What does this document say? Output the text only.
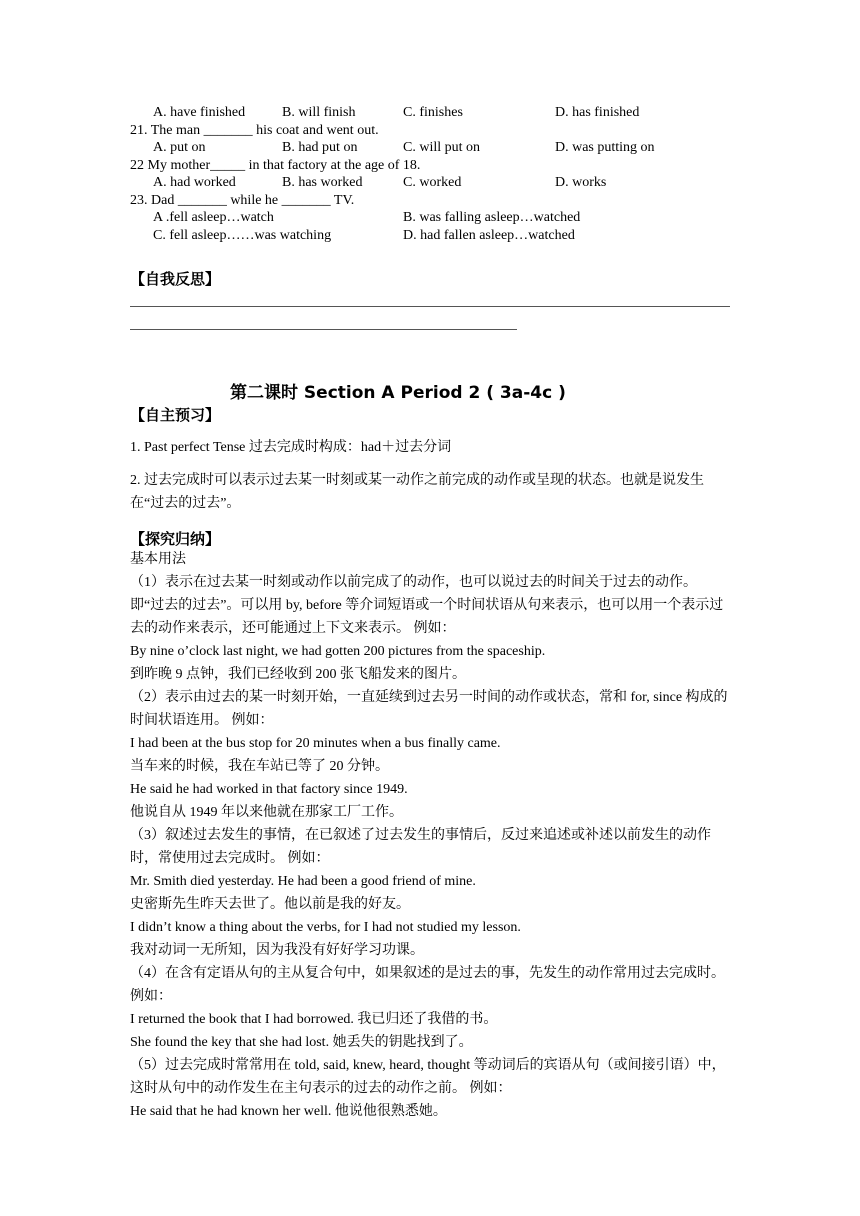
A. have finished	B. will finish	C. finishes	D. has finished
21. The man _______ his coat and went out.
A. put on	B. had put on	C. will put on	D. was putting on
22 My mother_____ in that factory at the age of 18.
A. had worked	B. has worked	C. worked	D. works
23. Dad _______ while he _______ TV.
A .fell asleep…watch	B. was falling asleep…watched
C. fell asleep……was watching	D. had fallen asleep…watched
【自我反思】
第二课时 Section A Period 2 ( 3a-4c )
【自主预习】
1. Past perfect Tense 过去完成时构成：had＋过去分词

2. 过去完成时可以表示过去某一时刻或某一动作之前完成的动作或呈现的状态。也就是说发生在“过去的过去”。

【探究归纳】

基本用法

（1）表示在过去某一时刻或动作以前完成了的动作，也可以说过去的时间关于过去的动作。即“过去的过去”。可以用 by, before 等介词短语或一个时间状语从句来表示，也可以用一个表示过去的动作来表示，还可能通过上下文来表示。 例如：

By nine o’clock last night, we had gotten 200 pictures from the spaceship.

到昨晚 9 点钟，我们已经收到 200 张飞船发来的图片。

（2）表示由过去的某一时刻开始，一直延续到过去另一时间的动作或状态，常和 for, since 构成的时间状语连用。 例如：

I had been at the bus stop for 20 minutes when a bus finally came.

当车来的时候，我在车站已等了 20 分钟。

He said he had worked in that factory since 1949.

他说自从 1949 年以来他就在那家工厂工作。

（3）叙述过去发生的事情，在已叙述了过去发生的事情后，反过来追述或补述以前发生的动作时，常使用过去完成时。 例如：

Mr. Smith died yesterday. He had been a good friend of mine.

史密斯先生昨天去世了。他以前是我的好友。

I didn’t know a thing about the verbs, for I had not studied my lesson.

我对动词一无所知，因为我没有好好学习功课。

（4）在含有定语从句的主从复合句中，如果叙述的是过去的事，先发生的动作常用过去完成时。 例如：

I returned the book that I had borrowed. 我已归还了我借的书。

She found the key that she had lost. 她丢失的钥匙找到了。

（5）过去完成时常常用在 told, said, knew, heard, thought 等动词后的宾语从句（或间接引语）中，这时从句中的动作发生在主句表示的过去的动作之前。 例如：

He said that he had known her well. 他说他很熟悉她。
